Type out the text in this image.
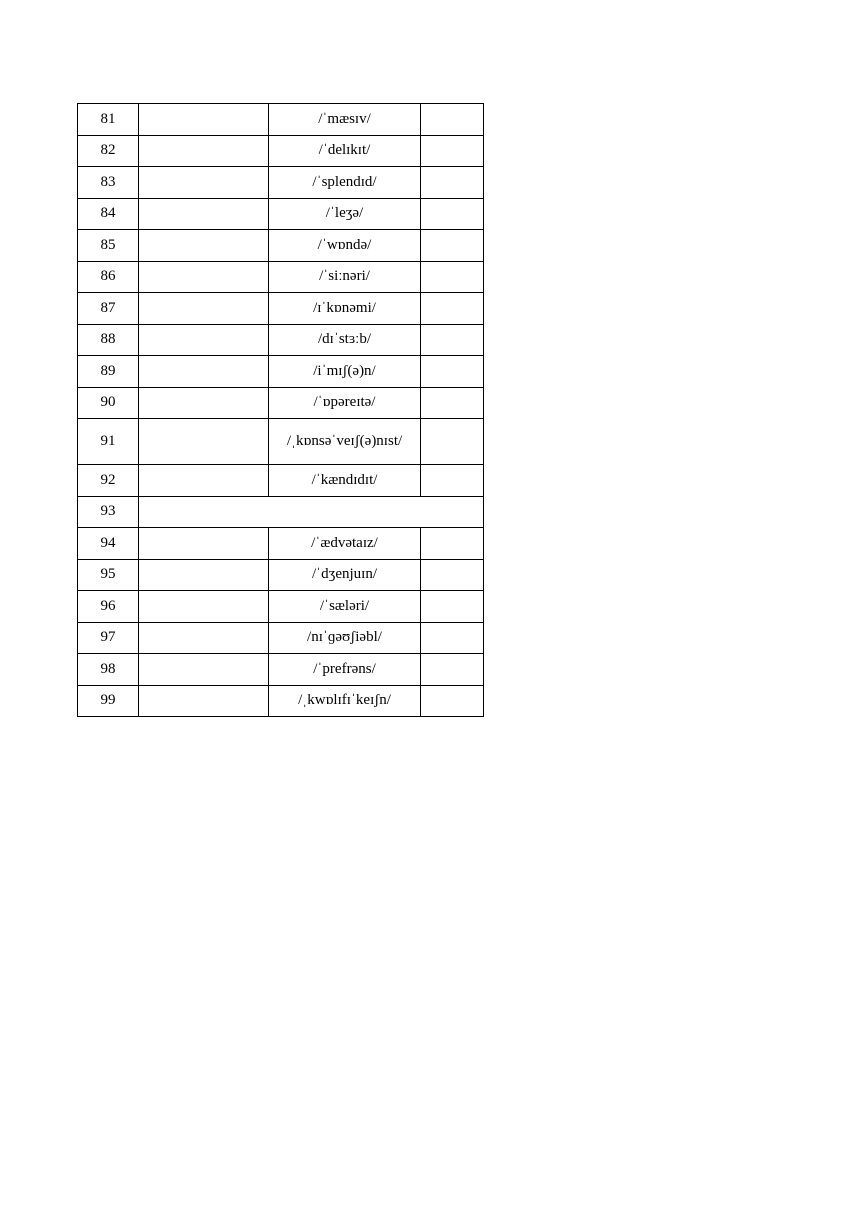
81		/ˈmæsɪv/	
82		/ˈdelɪkɪt/	
83		/ˈsplendɪd/	
84		/ˈleʒə/	
85		/ˈwɒndə/	
86		/ˈsiːnəri/	
87		/ɪˈkɒnəmi/	
88		/dɪˈstɜːb/	
89		/iˈmɪʃ(ə)n/	
90		/ˈɒpəreɪtə/	
91		/ˌkɒnsəˈveɪʃ(ə)nɪst/	
92		/ˈkændɪdɪt/	
93			
94		/ˈædvətaɪz/	
95		/ˈdʒenjuɪn/	
96		/ˈsæləri/	
97		/nɪˈɡəʊʃiəbl/	
98		/ˈprefrəns/	
99		/ˌkwɒlɪfɪˈkeɪʃn/	
